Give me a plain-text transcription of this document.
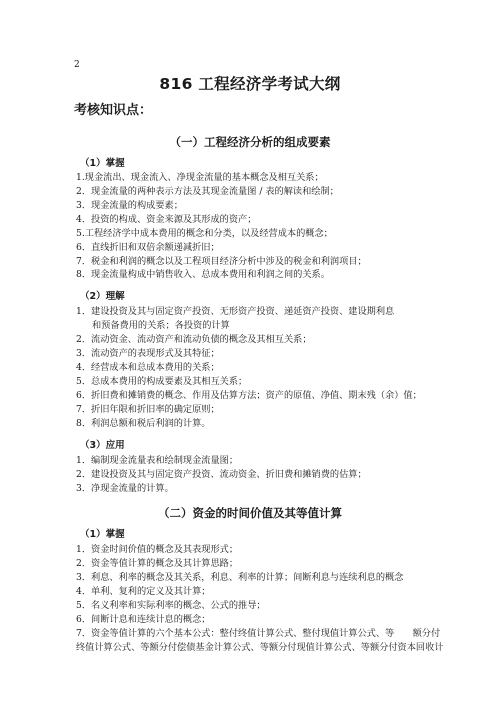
2
816 工程经济学考试大纲
考核知识点：
（一）工程经济分析的组成要素
（1）掌握
1.现金流出、现金流入、净现金流量的基本概念及相互关系；
2．现金流量的两种表示方法及其现金流量图 / 表的解读和绘制；
3．现金流量的构成要素；
4．投资的构成、资金来源及其形成的资产；
5.工程经济学中成本费用的概念和分类，以及经营成本的概念；
6．直线折旧和双倍余额递减折旧；
7．税金和利润的概念以及工程项目经济分析中涉及的税金和利润项目；
8．现金流量构成中销售收入、总成本费用和利润之间的关系。
（2）理解
1．建设投资及其与固定资产投资、无形资产投资、递延资产投资、建设期利息
和预备费用的关系；各投资的计算
2．流动资金、流动资产和流动负债的概念及其相互关系；
3．流动资产的表现形式及其特征；
4．经营成本和总成本费用的关系；
5．总成本费用的构成要素及其相互关系；
6．折旧费和摊销费的概念、作用及估算方法；资产的原值、净值、期末残（余）值；
7．折旧年限和折旧率的确定原则；
8．利润总额和税后利润的计算。
（3）应用
1．编制现金流量表和绘制现金流量图；
2．建设投资及其与固定资产投资、流动资金、折旧费和摊销费的估算；
3．净现金流量的计算。
（二）资金的时间价值及其等值计算
（1）掌握
1．资金时间价值的概念及其表现形式；
2．资金等值计算的概念及其计算思路；
3．利息、利率的概念及其关系，利息、利率的计算；间断利息与连续利息的概念
4．单利、复利的定义及其计算；
5．名义利率和实际利率的概念、公式的推导；
6．间断计息和连续计息的概念；
7．资金等值计算的六个基本公式：整付终值计算公式、整付现值计算公式、等　　额分付
终值计算公式、等额分付偿债基金计算公式、等额分付现值计算公式、等额分付资本回收计
